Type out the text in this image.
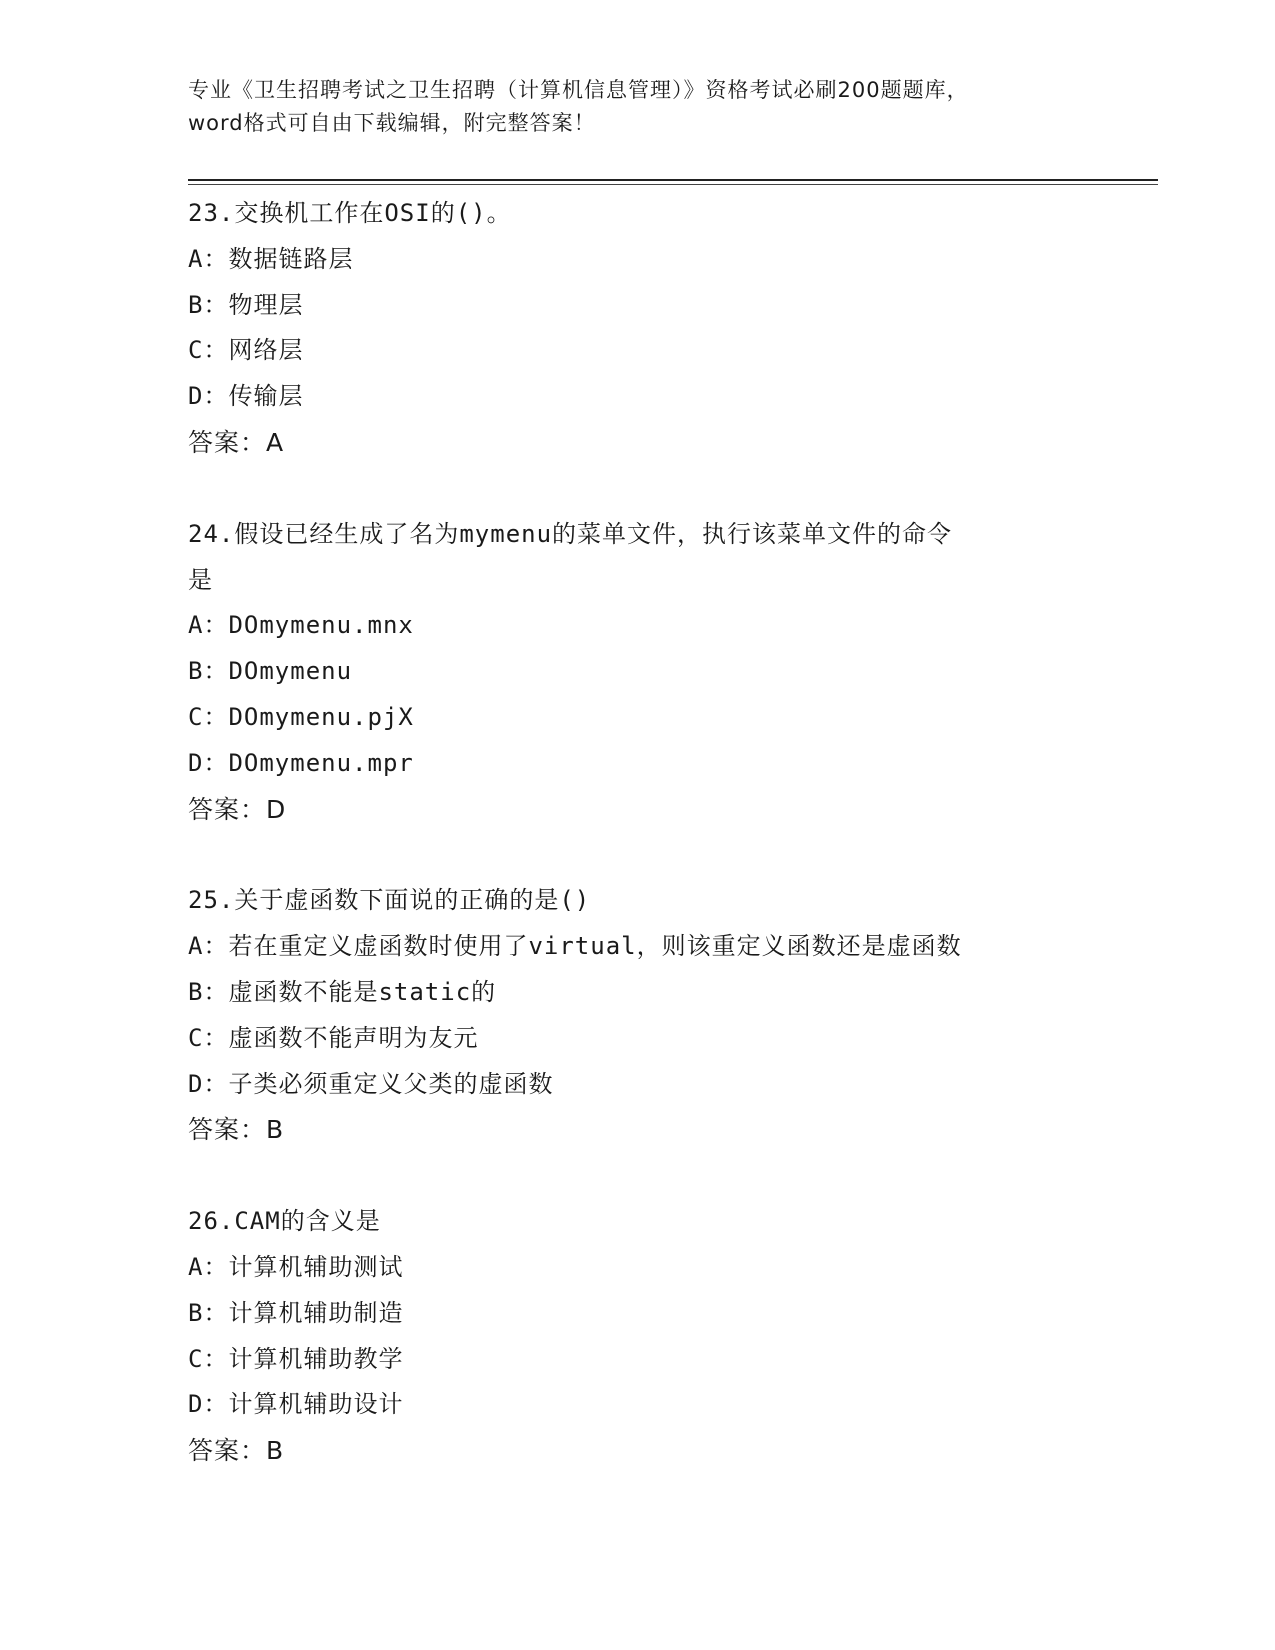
专业《卫生招聘考试之卫生招聘（计算机信息管理）》资格考试必刷200题题库，
word格式可自由下载编辑，附完整答案！
23.交换机工作在OSI的()。
A：数据链路层
B：物理层
C：网络层
D：传输层
答案：A
24.假设已经生成了名为mymenu的菜单文件，执行该菜单文件的命令
是
A：DOmymenu.mnx
B：DOmymenu
C：DOmymenu.pjX
D：DOmymenu.mpr
答案：D
25.关于虚函数下面说的正确的是()
A：若在重定义虚函数时使用了virtual，则该重定义函数还是虚函数
B：虚函数不能是static的
C：虚函数不能声明为友元
D：子类必须重定义父类的虚函数
答案：B
26.CAM的含义是
A：计算机辅助测试
B：计算机辅助制造
C：计算机辅助教学
D：计算机辅助设计
答案：B
